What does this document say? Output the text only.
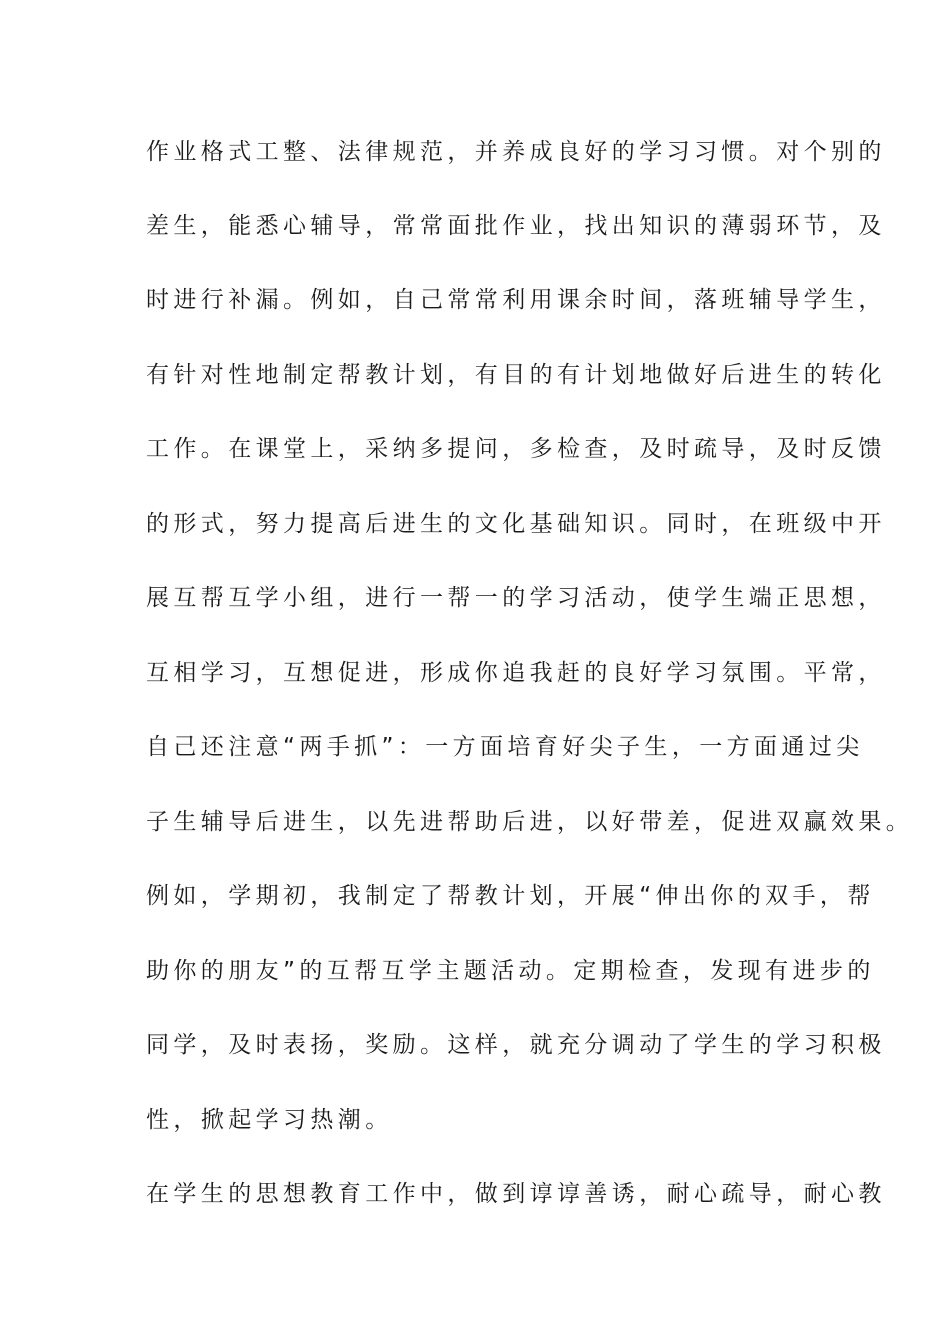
作业格式工整、法律规范，并养成良好的学习习惯。对个别的
差生，能悉心辅导，常常面批作业，找出知识的薄弱环节，及
时进行补漏。例如，自己常常利用课余时间，落班辅导学生，
有针对性地制定帮教计划，有目的有计划地做好后进生的转化
工作。在课堂上，采纳多提问，多检查，及时疏导，及时反馈
的形式，努力提高后进生的文化基础知识。同时，在班级中开
展互帮互学小组，进行一帮一的学习活动，使学生端正思想，
互相学习，互想促进，形成你追我赶的良好学习氛围。平常，
自己还注意“两手抓”：一方面培育好尖子生，一方面通过尖
子生辅导后进生，以先进帮助后进，以好带差，促进双赢效果。
例如，学期初，我制定了帮教计划，开展“伸出你的双手，帮
助你的朋友”的互帮互学主题活动。定期检查，发现有进步的
同学，及时表扬，奖励。这样，就充分调动了学生的学习积极
性，掀起学习热潮。
在学生的思想教育工作中，做到谆谆善诱，耐心疏导，耐心教
